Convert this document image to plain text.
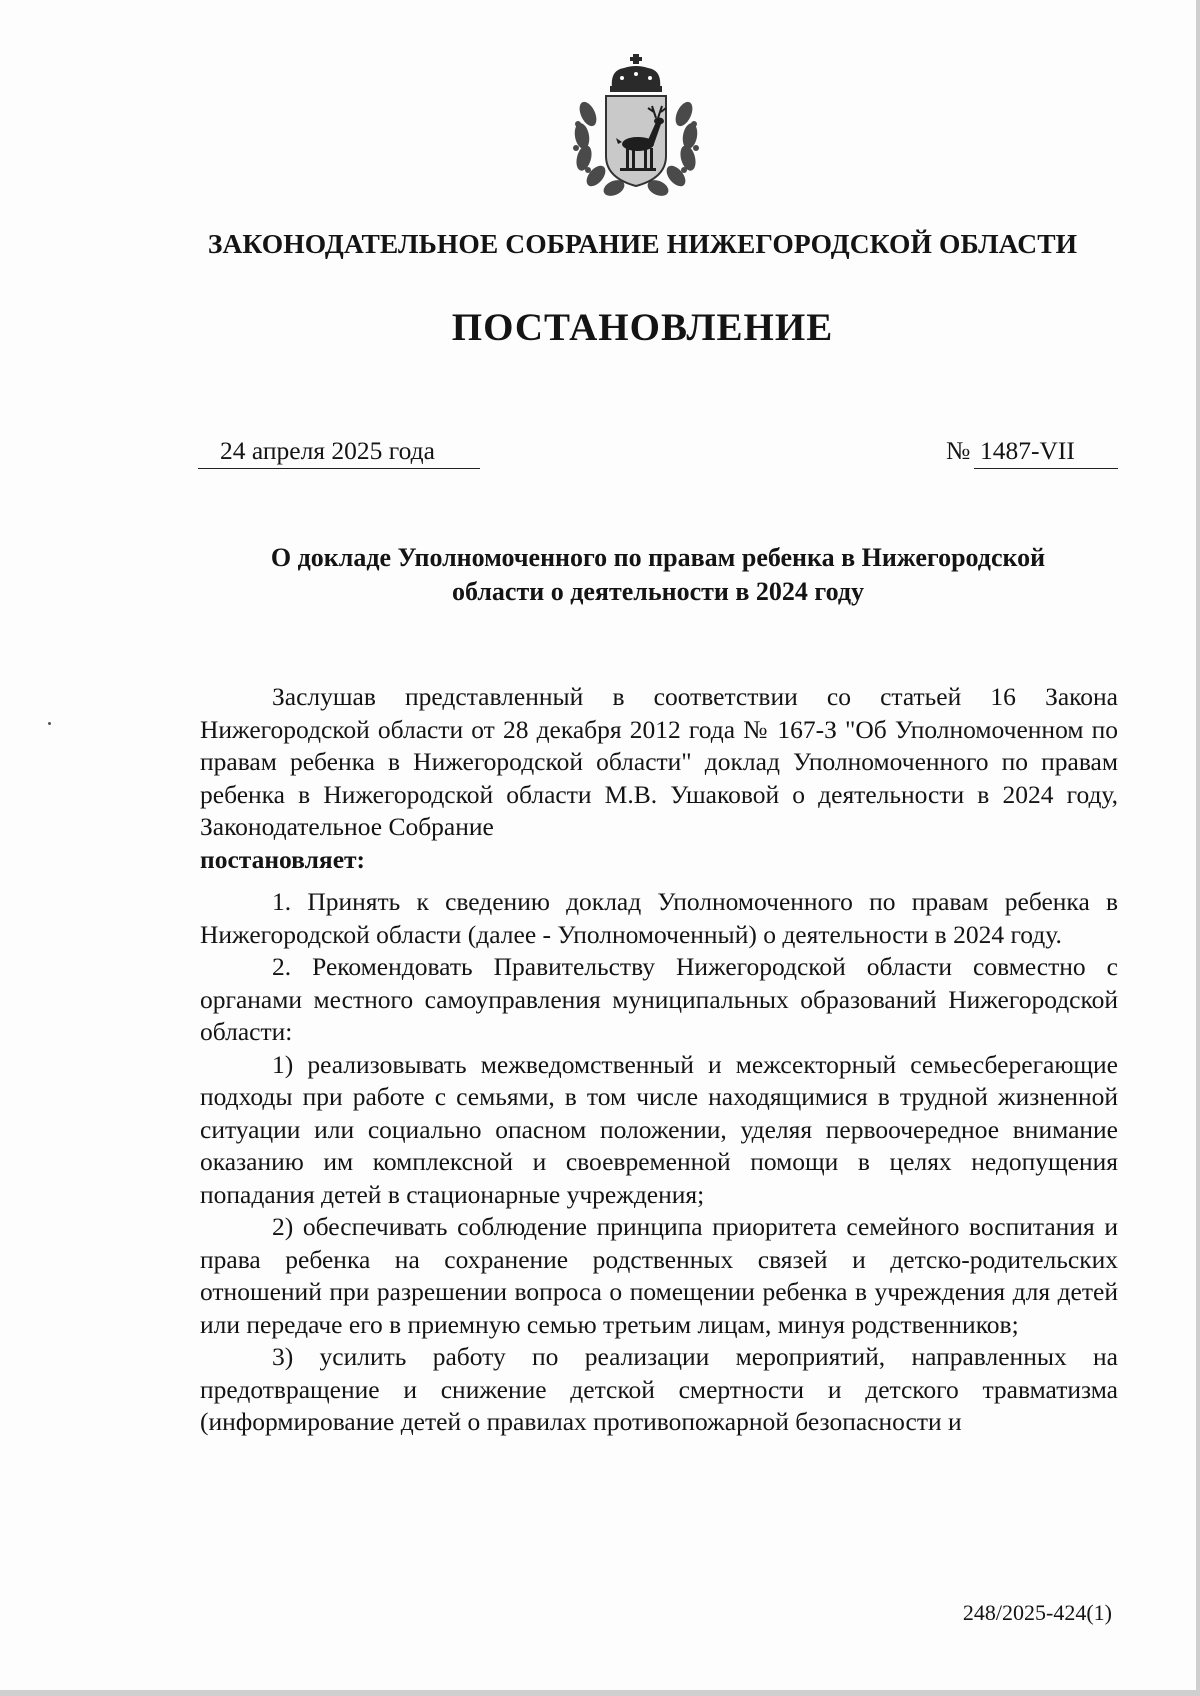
ЗАКОНОДАТЕЛЬНОЕ СОБРАНИЕ НИЖЕГОРОДСКОЙ ОБЛАСТИ
ПОСТАНОВЛЕНИЕ
24 апреля 2025 года	№ 1487-VII
О докладе Уполномоченного по правам ребенка в Нижегородской
области о деятельности в 2024 году

Заслушав представленный в соответствии со статьей 16 Закона Нижегородской области от 28 декабря 2012 года № 167-З "Об Уполномоченном по правам ребенка в Нижегородской области" доклад Уполномоченного по правам ребенка в Нижегородской области М.В. Ушаковой о деятельности в 2024 году, Законодательное Собрание
постановляет:

1. Принять к сведению доклад Уполномоченного по правам ребенка в Нижегородской области (далее - Уполномоченный) о деятельности в 2024 году.

2. Рекомендовать Правительству Нижегородской области совместно с органами местного самоуправления муниципальных образований Нижегородской области:

1) реализовывать межведомственный и межсекторный семьесберегающие подходы при работе с семьями, в том числе находящимися в трудной жизненной ситуации или социально опасном положении, уделяя первоочередное внимание оказанию им комплексной и своевременной помощи в целях недопущения попадания детей в стационарные учреждения;

2) обеспечивать соблюдение принципа приоритета семейного воспитания и права ребенка на сохранение родственных связей и детско-родительских отношений при разрешении вопроса о помещении ребенка в учреждения для детей или передаче его в приемную семью третьим лицам, минуя родственников;

3) усилить работу по реализации мероприятий, направленных на предотвращение и снижение детской смертности и детского травматизма (информирование детей о правилах противопожарной безопасности и

248/2025-424(1)
